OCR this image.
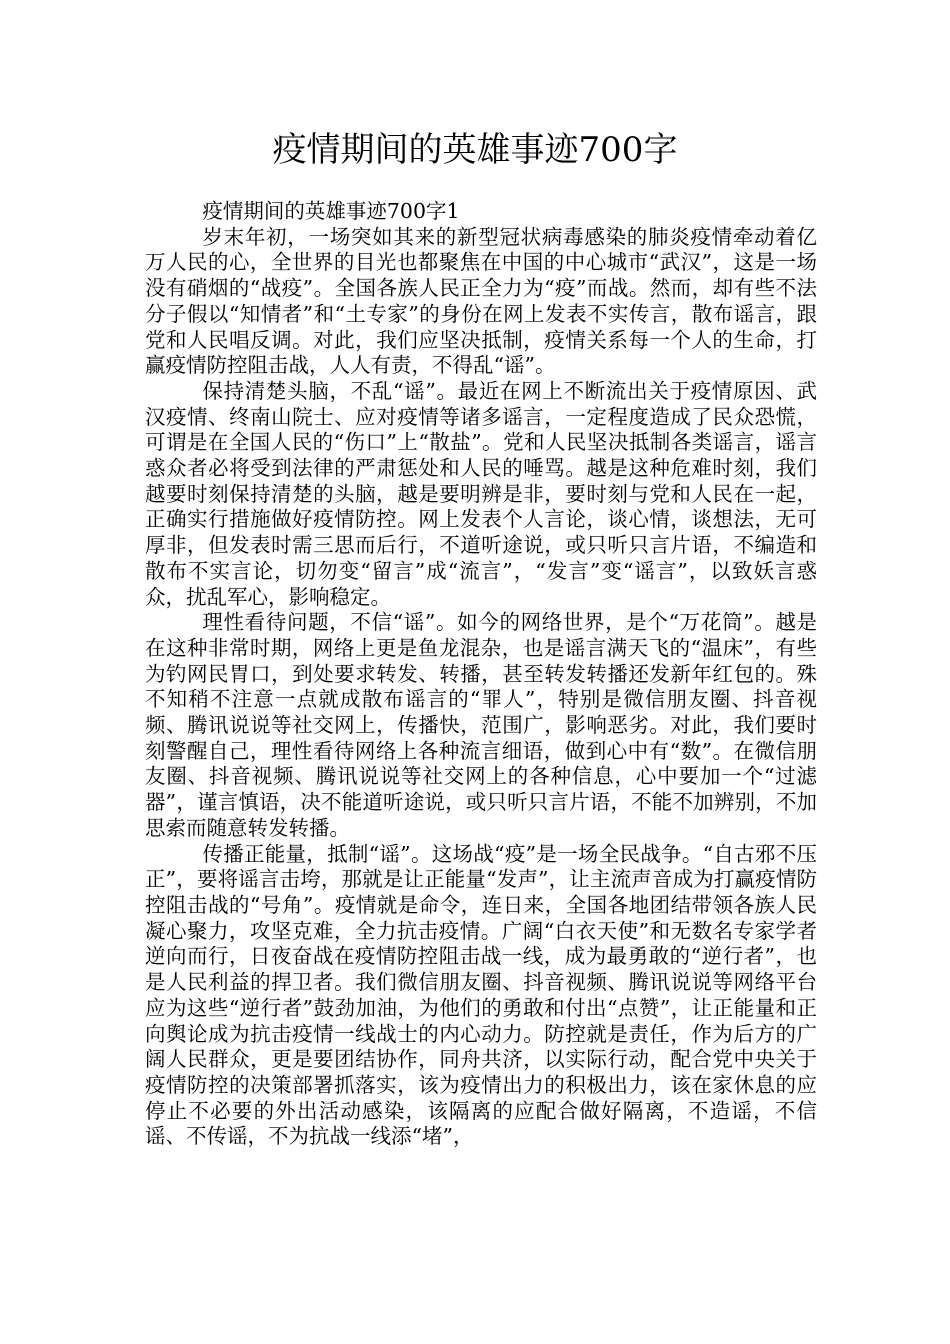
疫情期间的英雄事迹700字

疫情期间的英雄事迹700字1

岁末年初，一场突如其来的新型冠状病毒感染的肺炎疫情牵动着亿万人民的心，全世界的目光也都聚焦在中国的中心城市“武汉”，这是一场没有硝烟的“战疫”。全国各族人民正全力为“疫”而战。然而，却有些不法分子假以“知情者”和“土专家”的身份在网上发表不实传言，散布谣言，跟党和人民唱反调。对此，我们应坚决抵制，疫情关系每一个人的生命，打赢疫情防控阻击战，人人有责，不得乱“谣”。

保持清楚头脑，不乱“谣”。最近在网上不断流出关于疫情原因、武汉疫情、终南山院士、应对疫情等诸多谣言，一定程度造成了民众恐慌，可谓是在全国人民的“伤口”上“散盐”。党和人民坚决抵制各类谣言，谣言惑众者必将受到法律的严肃惩处和人民的唾骂。越是这种危难时刻，我们越要时刻保持清楚的头脑，越是要明辨是非，要时刻与党和人民在一起，正确实行措施做好疫情防控。网上发表个人言论，谈心情，谈想法，无可厚非，但发表时需三思而后行，不道听途说，或只听只言片语，不编造和散布不实言论，切勿变“留言”成“流言”，“发言”变“谣言”，以致妖言惑众，扰乱军心，影响稳定。

理性看待问题，不信“谣”。如今的网络世界，是个“万花筒”。越是在这种非常时期，网络上更是鱼龙混杂，也是谣言满天飞的“温床”，有些为钓网民胃口，到处要求转发、转播，甚至转发转播还发新年红包的。殊不知稍不注意一点就成散布谣言的“罪人”，特别是微信朋友圈、抖音视频、腾讯说说等社交网上，传播快，范围广，影响恶劣。对此，我们要时刻警醒自己，理性看待网络上各种流言细语，做到心中有“数”。在微信朋友圈、抖音视频、腾讯说说等社交网上的各种信息，心中要加一个“过滤器”，谨言慎语，决不能道听途说，或只听只言片语，不能不加辨别，不加思索而随意转发转播。

传播正能量，抵制“谣”。这场战“疫”是一场全民战争。“自古邪不压正”，要将谣言击垮，那就是让正能量“发声”，让主流声音成为打赢疫情防控阻击战的“号角”。疫情就是命令，连日来，全国各地团结带领各族人民凝心聚力，攻坚克难，全力抗击疫情。广阔“白衣天使”和无数名专家学者逆向而行，日夜奋战在疫情防控阻击战一线，成为最勇敢的“逆行者”，也是人民利益的捍卫者。我们微信朋友圈、抖音视频、腾讯说说等网络平台应为这些“逆行者”鼓劲加油，为他们的勇敢和付出“点赞”，让正能量和正向舆论成为抗击疫情一线战士的内心动力。防控就是责任，作为后方的广阔人民群众，更是要团结协作，同舟共济，以实际行动，配合党中央关于疫情防控的决策部署抓落实，该为疫情出力的积极出力，该在家休息的应停止不必要的外出活动感染，该隔离的应配合做好隔离，不造谣，不信谣、不传谣，不为抗战一线添“堵”，
